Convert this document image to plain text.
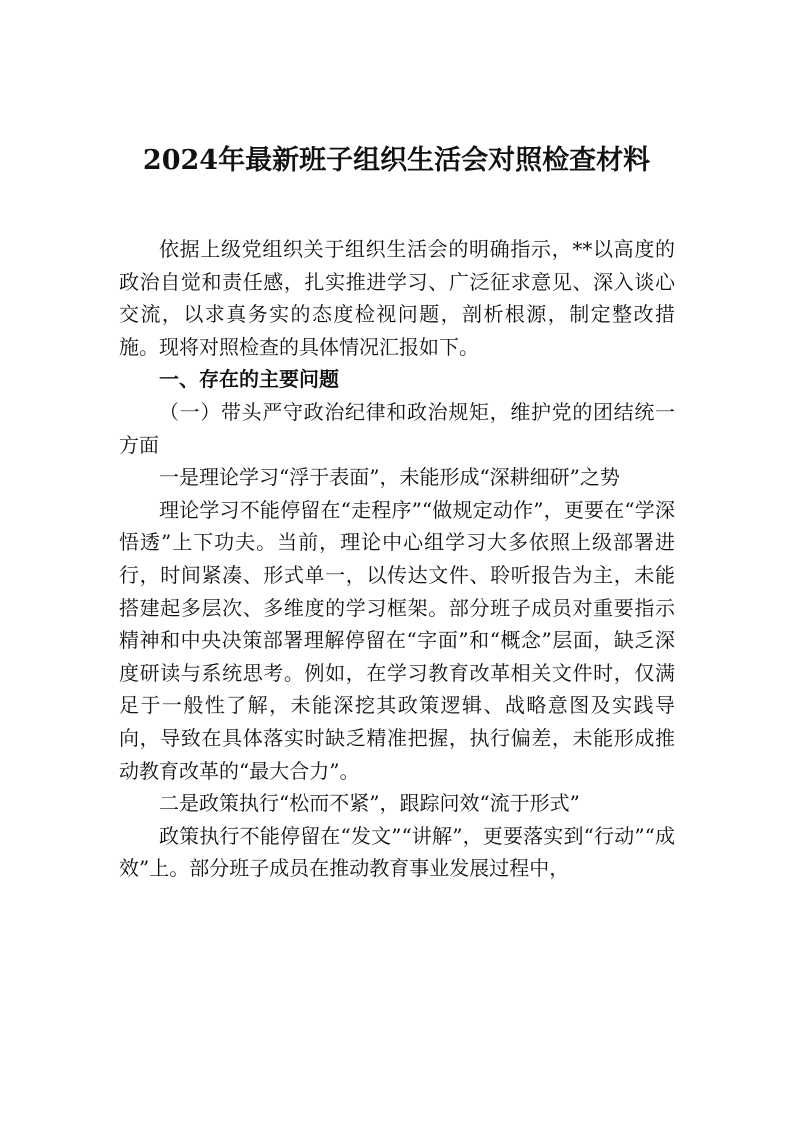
2024年最新班子组织生活会对照检查材料

依据上级党组织关于组织生活会的明确指示，**以高度的政治自觉和责任感，扎实推进学习、广泛征求意见、深入谈心交流，以求真务实的态度检视问题，剖析根源，制定整改措施。现将对照检查的具体情况汇报如下。

一、存在的主要问题

（一）带头严守政治纪律和政治规矩，维护党的团结统一方面

一是理论学习“浮于表面”，未能形成“深耕细研”之势

理论学习不能停留在“走程序”“做规定动作”，更要在“学深悟透”上下功夫。当前，理论中心组学习大多依照上级部署进行，时间紧凑、形式单一，以传达文件、聆听报告为主，未能搭建起多层次、多维度的学习框架。部分班子成员对重要指示精神和中央决策部署理解停留在“字面”和“概念”层面，缺乏深度研读与系统思考。例如，在学习教育改革相关文件时，仅满足于一般性了解，未能深挖其政策逻辑、战略意图及实践导向，导致在具体落实时缺乏精准把握，执行偏差，未能形成推动教育改革的“最大合力”。

二是政策执行“松而不紧”，跟踪问效“流于形式”

政策执行不能停留在“发文”“讲解”，更要落实到“行动”“成效”上。部分班子成员在推动教育事业发展过程中，
